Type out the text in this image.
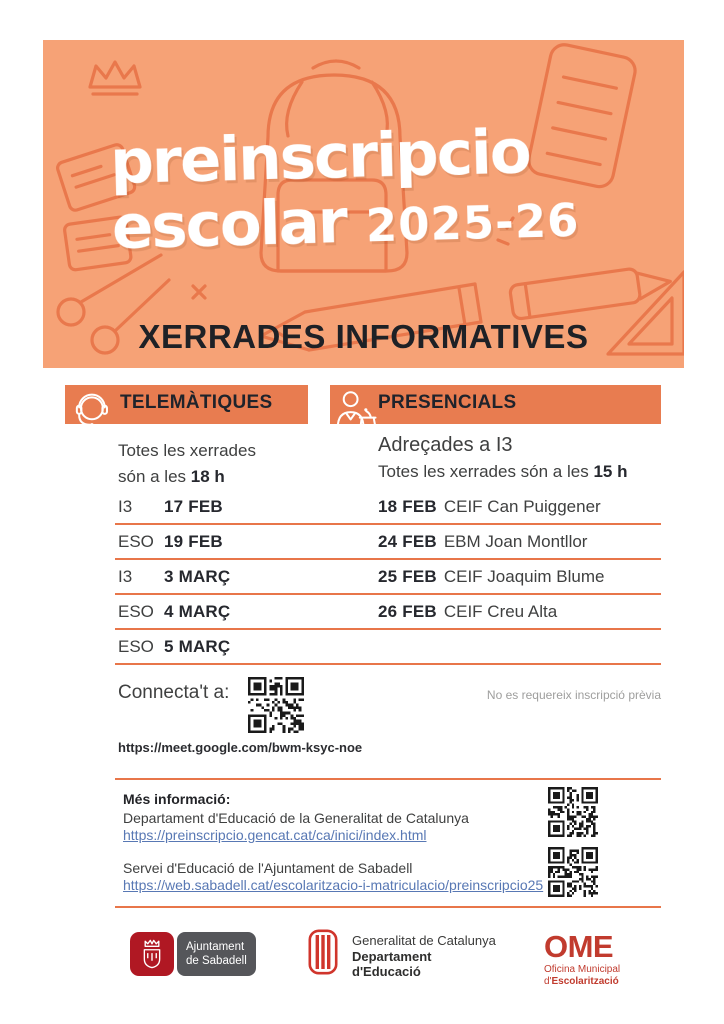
preinscripcio
escolar 2025-26
XERRADES INFORMATIVES
TELEMÀTIQUES	PRESENCIALS
Totes les xerrades
són a les 18 h
Adreçades a I3
Totes les xerrades són a les 15 h
I3	17 FEB	18 FEB CEIF Can Puiggener
ESO 19 FEB	24 FEB EBM Joan Montllor
I3	3 MARÇ	25 FEB CEIF Joaquim Blume
ESO 4 MARÇ	26 FEB CEIF Creu Alta
ESO 5 MARÇ
Connecta't a:	No es requereix inscripció prèvia
https://meet.google.com/bwm-ksyc-noe
Més informació:
Departament d'Educació de la Generalitat de Catalunya
https://preinscripcio.gencat.cat/ca/inici/index.html
Servei d'Educació de l'Ajuntament de Sabadell
https://web.sabadell.cat/escolaritzacio-i-matriculacio/preinscripcio25
Ajuntament
de Sabadell
Generalitat de Catalunya
Departament
d'Educació
OME
Oficina Municipal
d'Escolarització
